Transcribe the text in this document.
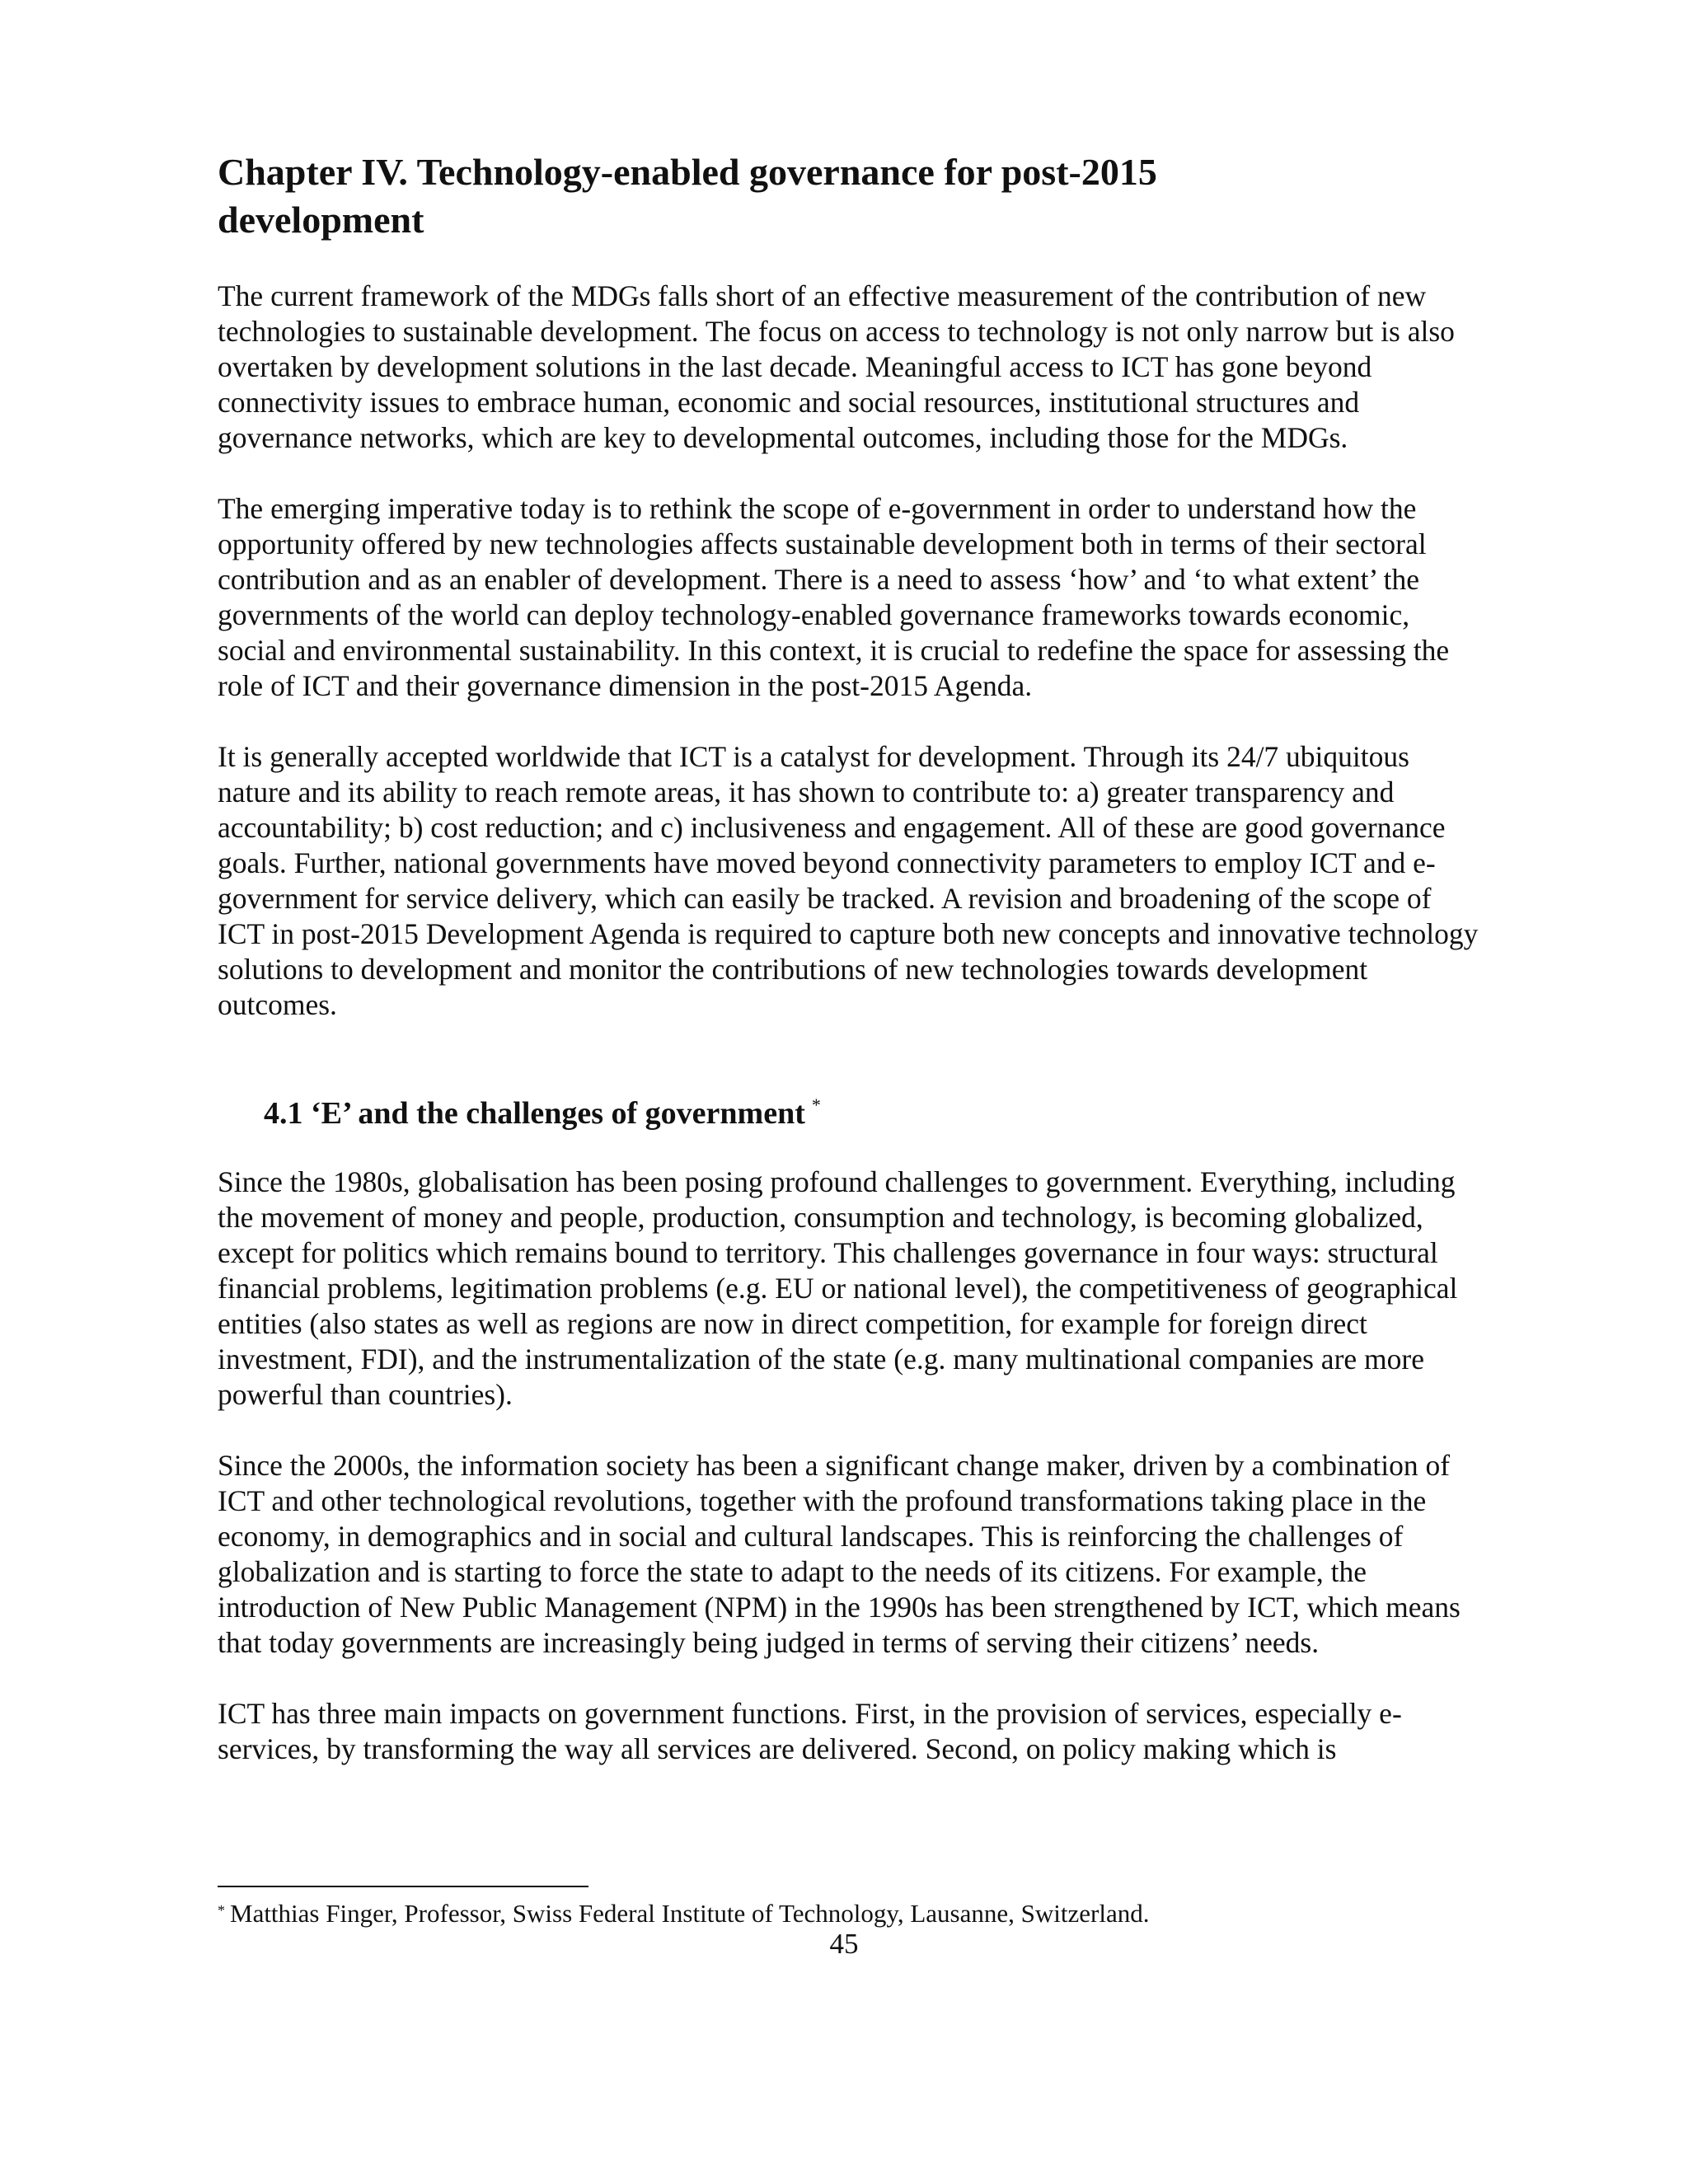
Chapter IV. Technology-enabled governance for post-2015 development

The current framework of the MDGs falls short of an effective measurement of the contribution of new technologies to sustainable development. The focus on access to technology is not only narrow but is also overtaken by development solutions in the last decade. Meaningful access to ICT has gone beyond connectivity issues to embrace human, economic and social resources, institutional structures and governance networks, which are key to developmental outcomes, including those for the MDGs.

The emerging imperative today is to rethink the scope of e-government in order to understand how the opportunity offered by new technologies affects sustainable development both in terms of their sectoral contribution and as an enabler of development. There is a need to assess ‘how’ and ‘to what extent’ the governments of the world can deploy technology-enabled governance frameworks towards economic, social and environmental sustainability. In this context, it is crucial to redefine the space for assessing the role of ICT and their governance dimension in the post-2015 Agenda.

It is generally accepted worldwide that ICT is a catalyst for development. Through its 24/7 ubiquitous nature and its ability to reach remote areas, it has shown to contribute to: a) greater transparency and accountability; b) cost reduction; and c) inclusiveness and engagement. All of these are good governance goals. Further, national governments have moved beyond connectivity parameters to employ ICT and e-government for service delivery, which can easily be tracked. A revision and broadening of the scope of ICT in post-2015 Development Agenda is required to capture both new concepts and innovative technology solutions to development and monitor the contributions of new technologies towards development outcomes.

4.1 ‘E’ and the challenges of government *

Since the 1980s, globalisation has been posing profound challenges to government. Everything, including the movement of money and people, production, consumption and technology, is becoming globalized, except for politics which remains bound to territory. This challenges governance in four ways: structural financial problems, legitimation problems (e.g. EU or national level), the competitiveness of geographical entities (also states as well as regions are now in direct competition, for example for foreign direct investment, FDI), and the instrumentalization of the state (e.g. many multinational companies are more powerful than countries).

Since the 2000s, the information society has been a significant change maker, driven by a combination of ICT and other technological revolutions, together with the profound transformations taking place in the economy, in demographics and in social and cultural landscapes. This is reinforcing the challenges of globalization and is starting to force the state to adapt to the needs of its citizens. For example, the introduction of New Public Management (NPM) in the 1990s has been strengthened by ICT, which means that today governments are increasingly being judged in terms of serving their citizens’ needs.

ICT has three main impacts on government functions. First, in the provision of services, especially e-services, by transforming the way all services are delivered. Second, on policy making which is

* Matthias Finger, Professor, Swiss Federal Institute of Technology, Lausanne, Switzerland.
45
